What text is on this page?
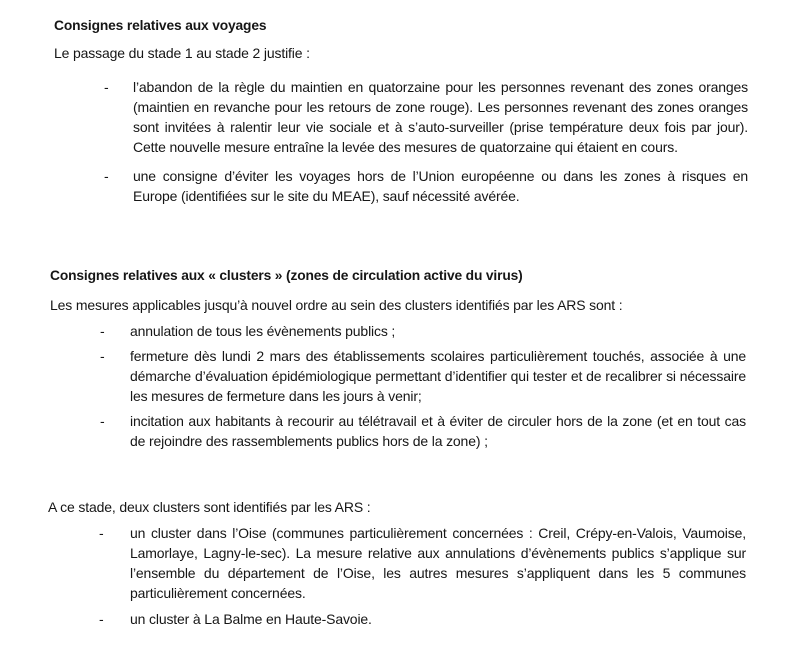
Consignes relatives aux voyages

Le passage du stade 1 au stade 2 justifie :

- l’abandon de la règle du maintien en quatorzaine pour les personnes revenant des zones oranges (maintien en revanche pour les retours de zone rouge). Les personnes revenant des zones oranges sont invitées à ralentir leur vie sociale et à s’auto-surveiller (prise température deux fois par jour). Cette nouvelle mesure entraîne la levée des mesures de quatorzaine qui étaient en cours.
- une consigne d’éviter les voyages hors de l’Union européenne ou dans les zones à risques en Europe (identifiées sur le site du MEAE), sauf nécessité avérée.

Consignes relatives aux « clusters » (zones de circulation active du virus)

Les mesures applicables jusqu’à nouvel ordre au sein des clusters identifiés par les ARS sont :

- annulation de tous les évènements publics ;
- fermeture dès lundi 2 mars des établissements scolaires particulièrement touchés, associée à une démarche d’évaluation épidémiologique permettant d’identifier qui tester et de recalibrer si nécessaire les mesures de fermeture dans les jours à venir;
- incitation aux habitants à recourir au télétravail et à éviter de circuler hors de la zone (et en tout cas de rejoindre des rassemblements publics hors de la zone) ;

A ce stade, deux clusters sont identifiés par les ARS :

- un cluster dans l’Oise (communes particulièrement concernées : Creil, Crépy-en-Valois, Vaumoise, Lamorlaye, Lagny-le-sec). La mesure relative aux annulations d’évènements publics s’applique sur l’ensemble du département de l’Oise, les autres mesures s’appliquent dans les 5 communes particulièrement concernées.
- un cluster à La Balme en Haute-Savoie.
